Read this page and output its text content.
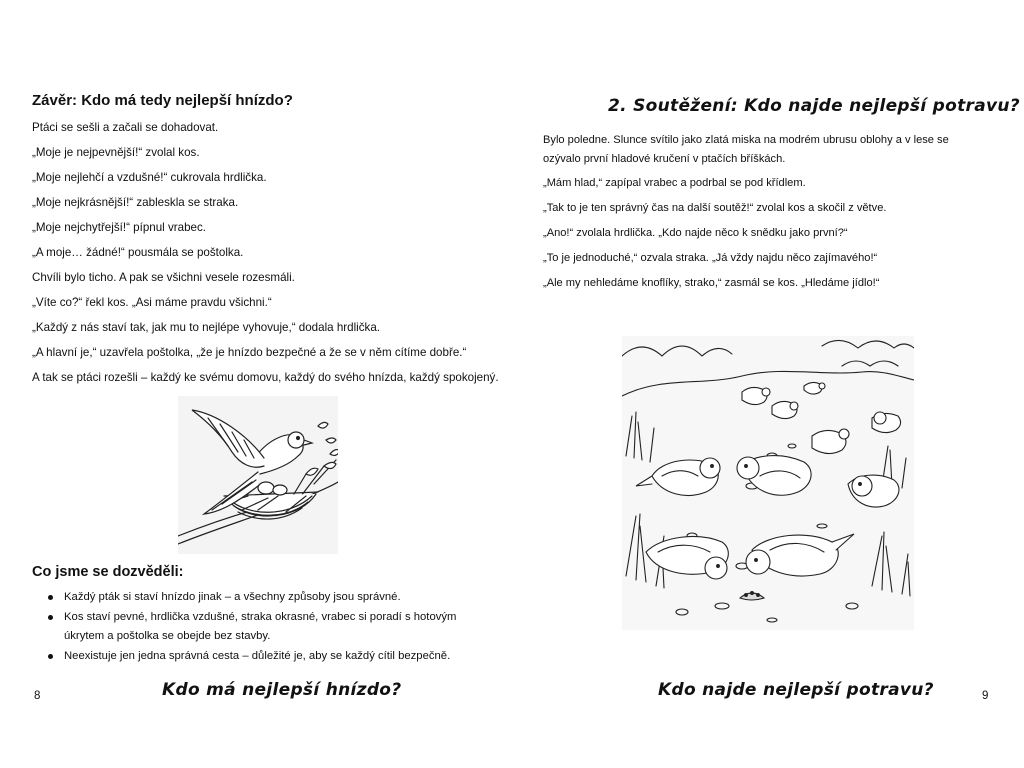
Závěr: Kdo má tedy nejlepší hnízdo?

Ptáci se sešli a začali se dohadovat.

„Moje je nejpevnější!“ zvolal kos.

„Moje nejlehčí a vzdušné!“ cukrovala hrdlička.

„Moje nejkrásnější!“ zableskla se straka.

„Moje nejchytřejší!“ pípnul vrabec.

„A moje… žádné!“ pousmála se poštolka.

Chvíli bylo ticho. A pak se všichni vesele rozesmáli.

„Víte co?“ řekl kos. „Asi máme pravdu všichni.“

„Každý z nás staví tak, jak mu to nejlépe vyhovuje,“ dodala hrdlička.

„A hlavní je,“ uzavřela poštolka, „že je hnízdo bezpečné a že se v něm cítíme dobře.“

A tak se ptáci rozešli – každý ke svému domovu, každý do svého hnízda, každý spokojený.

Co jsme se dozvěděli:
Každý pták si staví hnízdo jinak – a všechny způsoby jsou správné.
Kos staví pevné, hrdlička vzdušné, straka okrasné, vrabec si poradí s hotovým úkrytem a poštolka se obejde bez stavby.
Neexistuje jen jedna správná cesta – důležité je, aby se každý cítil bezpečně.

8	Kdo má nejlepší hnízdo?

2. Soutěžení: Kdo najde nejlepší potravu?

Bylo poledne. Slunce svítilo jako zlatá miska na modrém ubrusu oblohy a v lese se ozývalo první hladové kručení v ptačích bříškách.

„Mám hlad,“ zapípal vrabec a podrbal se pod křídlem.

„Tak to je ten správný čas na další soutěž!“ zvolal kos a skočil z větve.

„Ano!“ zvolala hrdlička. „Kdo najde něco k snědku jako první?“

„To je jednoduché,“ ozvala straka. „Já vždy najdu něco zajímavého!“

„Ale my nehledáme knoflíky, strako,“ zasmál se kos. „Hledáme jídlo!“

Kdo najde nejlepší potravu?	9
